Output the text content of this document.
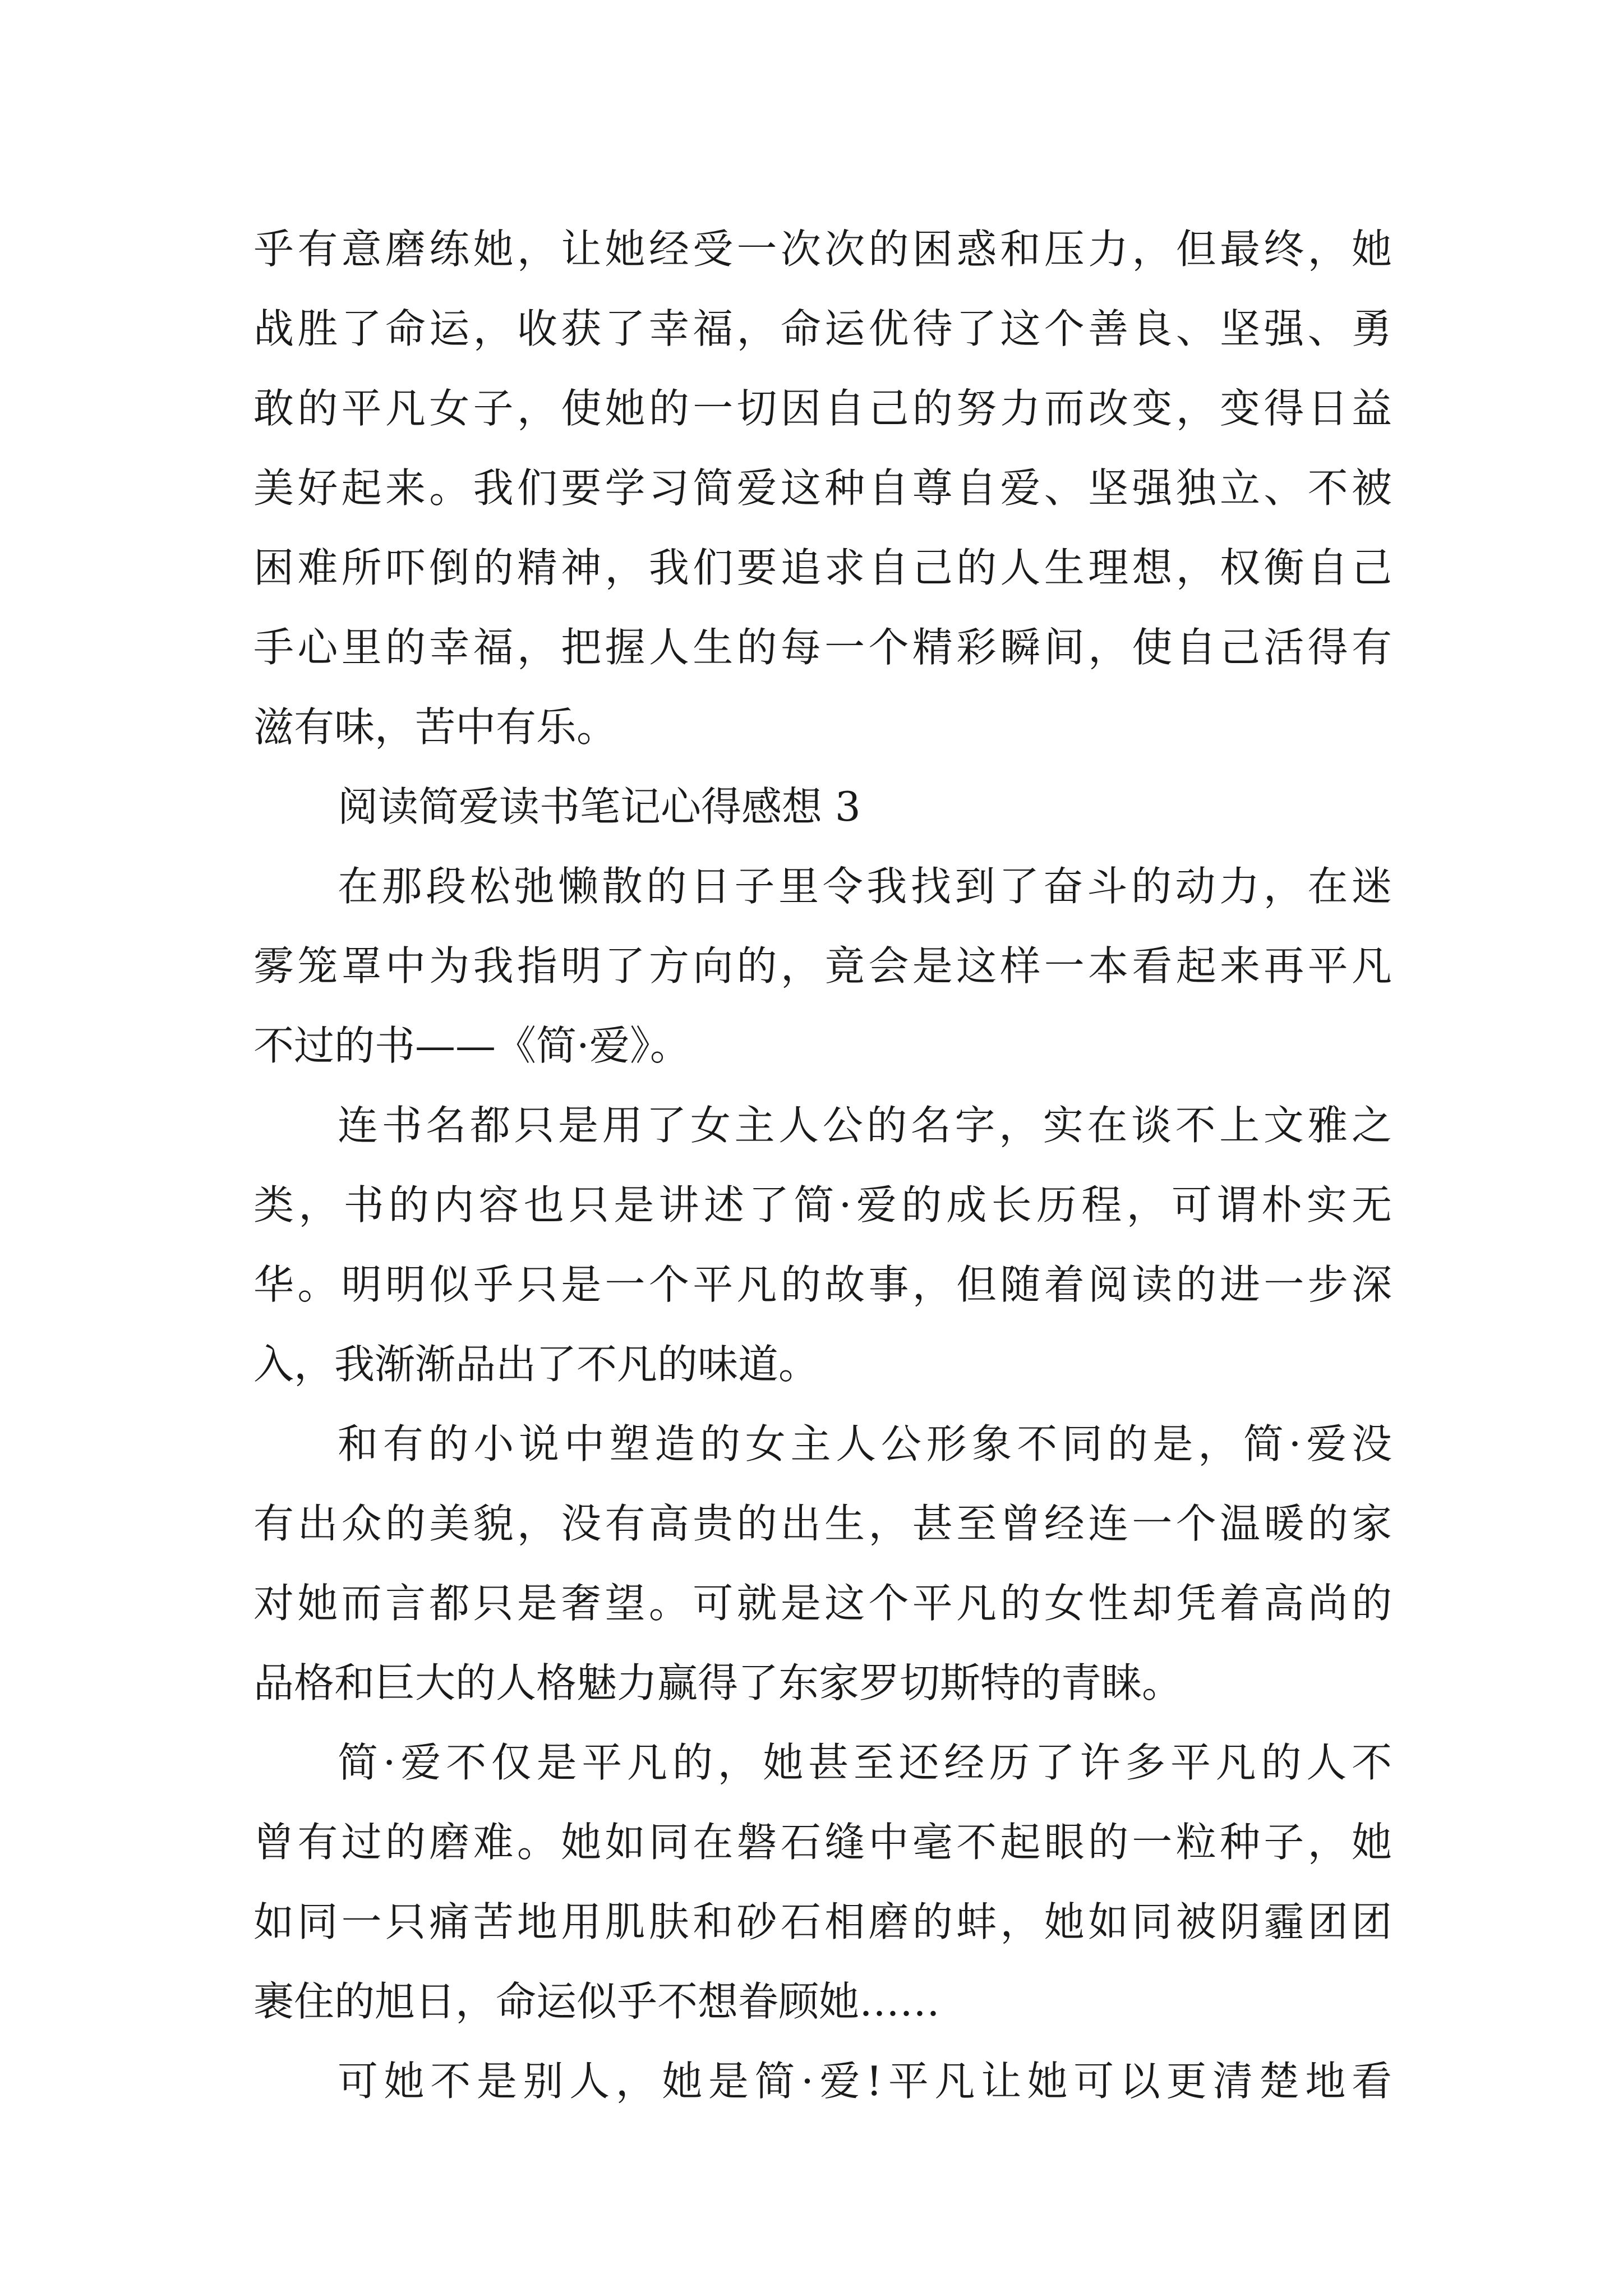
乎有意磨练她，让她经受一次次的困惑和压力，但最终，她
战胜了命运，收获了幸福，命运优待了这个善良、坚强、勇
敢的平凡女子，使她的一切因自己的努力而改变，变得日益
美好起来。我们要学习简爱这种自尊自爱、坚强独立、不被
困难所吓倒的精神，我们要追求自己的人生理想，权衡自己
手心里的幸福，把握人生的每一个精彩瞬间，使自己活得有
滋有味，苦中有乐。
阅读简爱读书笔记心得感想 3
在那段松弛懒散的日子里令我找到了奋斗的动力，在迷
雾笼罩中为我指明了方向的，竟会是这样一本看起来再平凡
不过的书——《简·爱》。
连书名都只是用了女主人公的名字，实在谈不上文雅之
类，书的内容也只是讲述了简·爱的成长历程，可谓朴实无
华。明明似乎只是一个平凡的故事，但随着阅读的进一步深
入，我渐渐品出了不凡的味道。
和有的小说中塑造的女主人公形象不同的是，简·爱没
有出众的美貌，没有高贵的出生，甚至曾经连一个温暖的家
对她而言都只是奢望。可就是这个平凡的女性却凭着高尚的
品格和巨大的人格魅力赢得了东家罗切斯特的青睐。
简·爱不仅是平凡的，她甚至还经历了许多平凡的人不
曾有过的磨难。她如同在磐石缝中毫不起眼的一粒种子，她
如同一只痛苦地用肌肤和砂石相磨的蚌，她如同被阴霾团团
裹住的旭日，命运似乎不想眷顾她……
可她不是别人，她是简·爱!平凡让她可以更清楚地看
